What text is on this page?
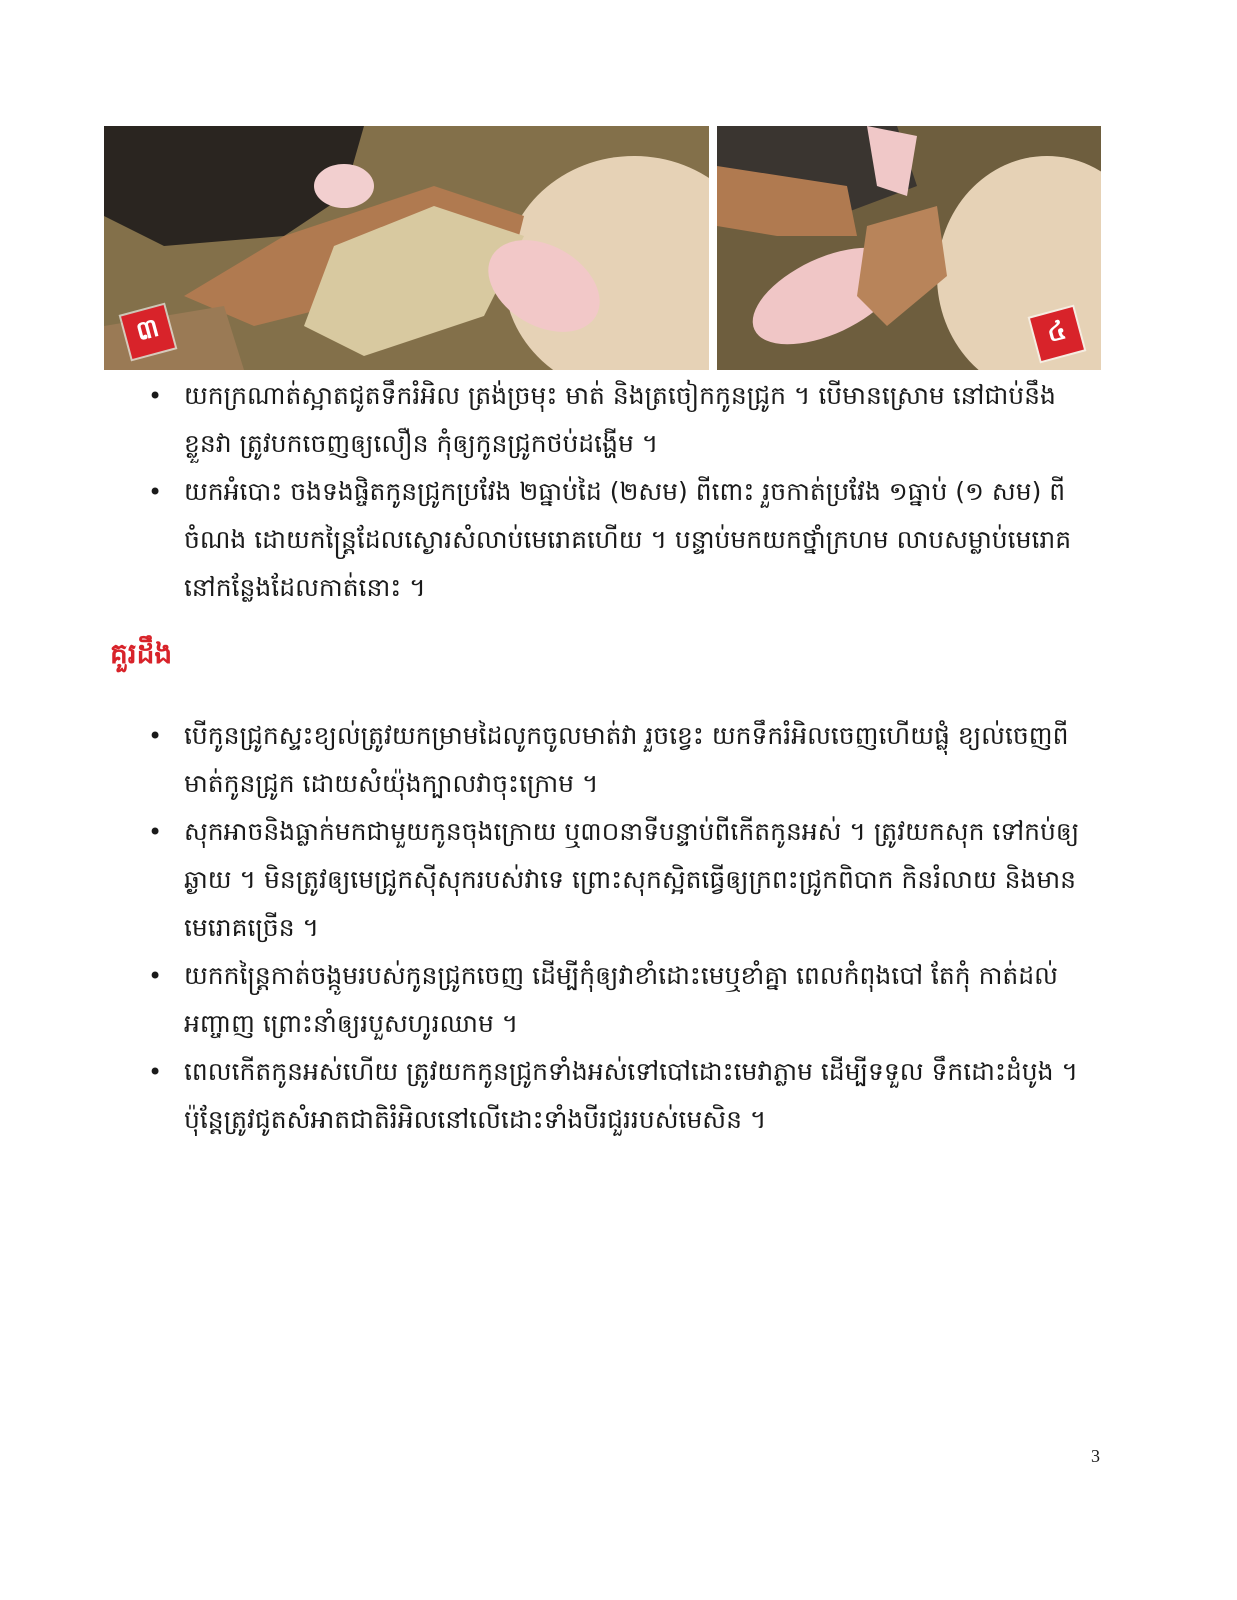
៣	៤
• យកក្រណាត់ស្អាតជូតទឹករំអិល ត្រង់ច្រមុះ មាត់ និងត្រចៀកកូនជ្រូក ។ បើមានស្រោម នៅជាប់នឹងខ្លួនវា ត្រូវបកចេញឲ្យលឿន កុំឲ្យកូនជ្រូកថប់ដង្ហើម ។
• យកអំបោះ ចងទងផ្ចិតកូនជ្រូកប្រវែង ២ធ្នាប់ដៃ (២សម) ពីពោះ រួចកាត់ប្រវែង ១ធ្នាប់ (១ សម) ពីចំណង ដោយកន្ត្រៃដែលស្ងោរសំលាប់មេរោគហើយ ។ បន្ទាប់មកយកថ្នាំក្រហម លាបសម្លាប់មេរោគនៅកន្លែងដែលកាត់នោះ ។
គួរដឹង
• បើកូនជ្រូកស្ទះខ្យល់ត្រូវយកម្រាមដៃលូកចូលមាត់វា រួចខ្វេះ យកទឹករំអិលចេញហើយផ្លុំ ខ្យល់ចេញពីមាត់កូនជ្រូក ដោយសំយ៉ុងក្បាលវាចុះក្រោម ។
• សុកអាចនិងធ្លាក់មកជាមួយកូនចុងក្រោយ ឬ៣០នាទីបន្ទាប់ពីកើតកូនអស់ ។ ត្រូវយកសុក ទៅកប់ឲ្យឆ្ងាយ ។ មិនត្រូវឲ្យមេជ្រូកស៊ីសុករបស់វាទេ ព្រោះសុកស្អិតធ្វើឲ្យក្រពះជ្រូកពិបាក កិនរំលាយ និងមានមេរោគច្រើន ។
• យកកន្ត្រៃកាត់ចង្កូមរបស់កូនជ្រូកចេញ ដើម្បីកុំឲ្យវាខាំដោះមេឬខាំគ្នា ពេលកំពុងបៅ តែកុំ កាត់ដល់អញ្ចាញ ព្រោះនាំឲ្យរបួសហូរឈាម ។
• ពេលកើតកូនអស់ហើយ ត្រូវយកកូនជ្រូកទាំងអស់ទៅបៅដោះមេវាភ្លាម ដើម្បីទទួល ទឹកដោះដំបូង ។ ប៉ុន្តែត្រូវជូតសំអាតជាតិរំអិលនៅលើដោះទាំងបីរជួររបស់មេសិន ។
3
